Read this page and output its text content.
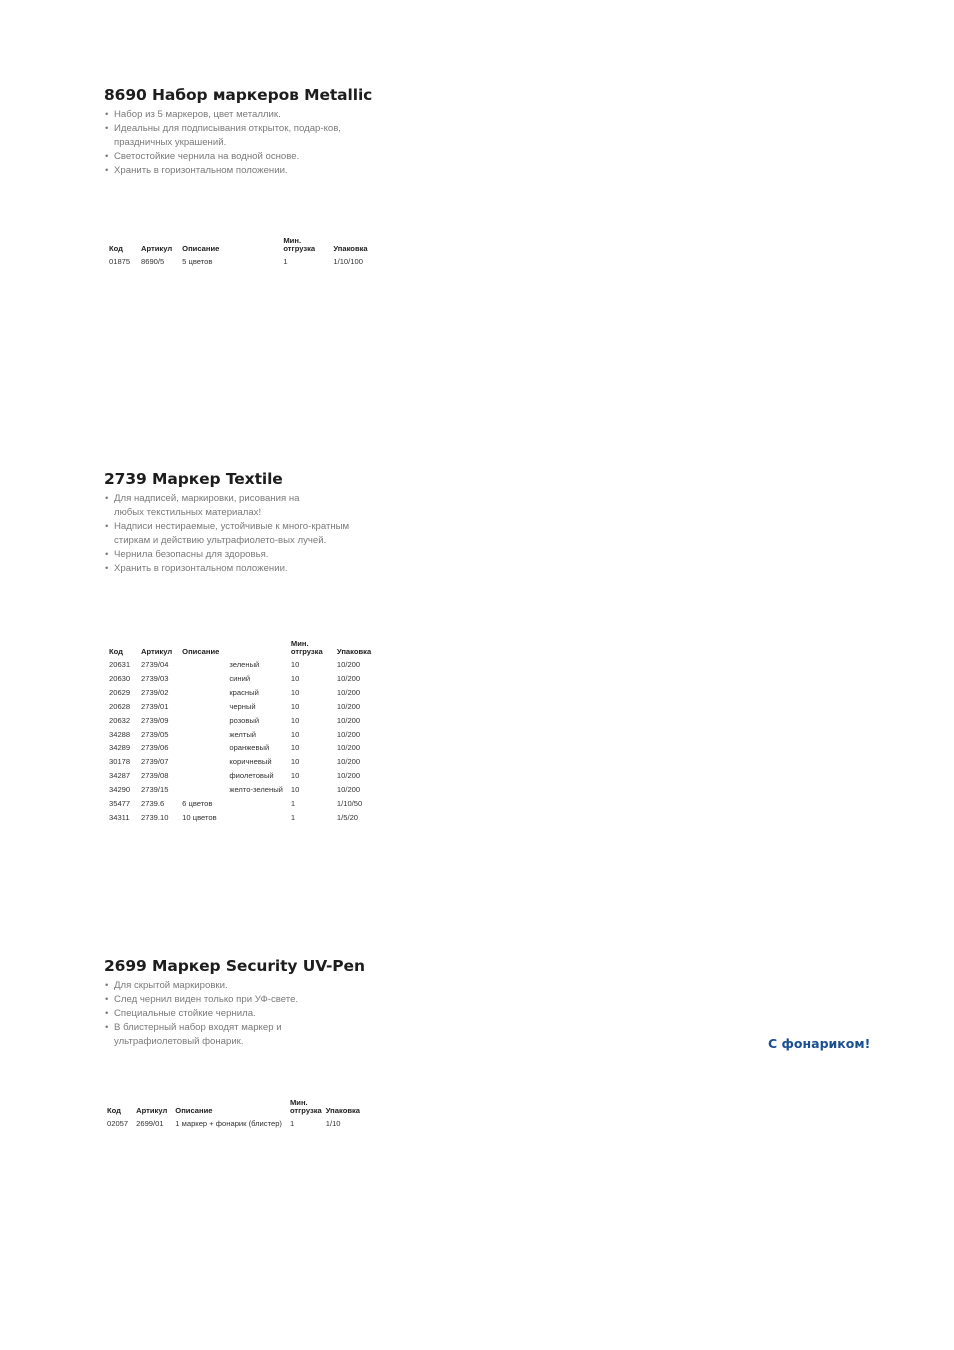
8690 Набор маркеров Metallic
• Набор из 5 маркеров, цвет металлик.
• Идеальны для подписывания открыток, подар-ков, праздничных украшений.
• Светостойкие чернила на водной основе.
• Хранить в горизонтальном положении.
Код	Артикул	Описание		Мин. отгрузка	Упаковка
01875	8690/5	5 цветов		1	1/10/100
2739 Маркер Textile
• Для надписей, маркировки, рисования на любых текстильных материалах!
• Надписи нестираемые, устойчивые к много-кратным стиркам и действию ультрафиолето-вых лучей.
• Чернила безопасны для здоровья.
• Хранить в горизонтальном положении.
Код	Артикул	Описание		Мин. отгрузка	Упаковка
20631	2739/04		зеленый	10	10/200
20630	2739/03		синий	10	10/200
20629	2739/02		красный	10	10/200
20628	2739/01		черный	10	10/200
20632	2739/09		розовый	10	10/200
34288	2739/05		желтый	10	10/200
34289	2739/06		оранжевый	10	10/200
30178	2739/07		коричневый	10	10/200
34287	2739/08		фиолетовый	10	10/200
34290	2739/15		желто-зеленый	10	10/200
35477	2739.6	6 цветов		1	1/10/50
34311	2739.10	10 цветов		1	1/5/20
2699 Маркер Security UV-Pen
• Для скрытой маркировки.
• След чернил виден только при УФ-свете.
• Специальные стойкие чернила.
• В блистерный набор входят маркер и ультрафиолетовый фонарик.
Код	Артикул	Описание	Мин. отгрузка	Упаковка
02057	2699/01	1 маркер + фонарик (блистер)	1	1/10
С фонариком!
